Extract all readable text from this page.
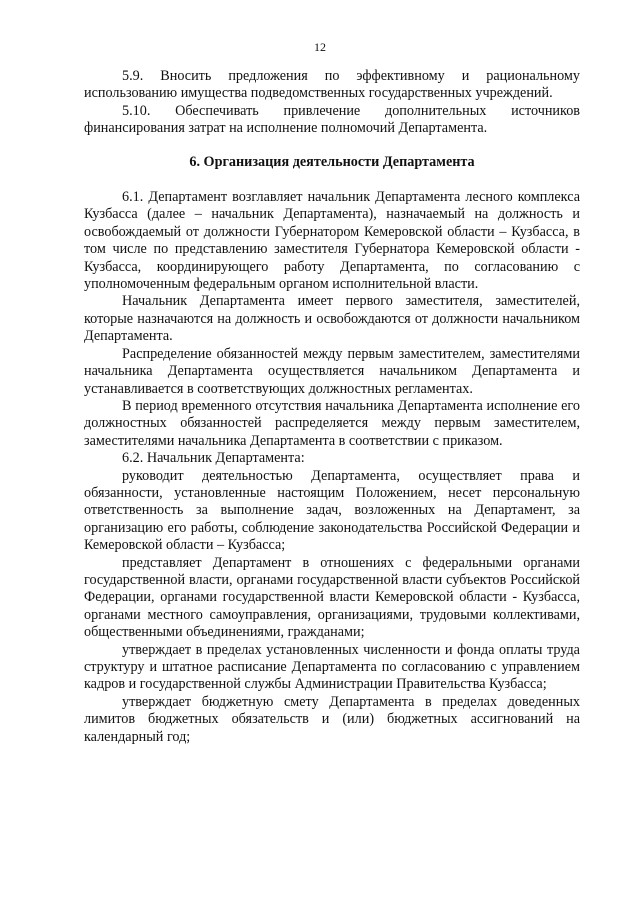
12

5.9. Вносить предложения по эффективному и рациональному использованию имущества подведомственных государственных учреждений.

5.10. Обеспечивать привлечение дополнительных источников финансирования затрат на исполнение полномочий Департамента.

6. Организация деятельности Департамента

6.1. Департамент возглавляет начальник Департамента лесного комплекса Кузбасса (далее – начальник Департамента), назначаемый на должность и освобождаемый от должности Губернатором Кемеровской области – Кузбасса, в том числе по представлению заместителя Губернатора Кемеровской области - Кузбасса, координирующего работу Департамента, по согласованию с уполномоченным федеральным органом исполнительной власти.

Начальник Департамента имеет первого заместителя, заместителей, которые назначаются на должность и освобождаются от должности начальником Департамента.

Распределение обязанностей между первым заместителем, заместителями начальника Департамента осуществляется начальником Департамента и устанавливается в соответствующих должностных регламентах.

В период временного отсутствия начальника Департамента исполнение его должностных обязанностей распределяется между первым заместителем, заместителями начальника Департамента в соответствии с приказом.

6.2. Начальник Департамента:

руководит деятельностью Департамента, осуществляет права и обязанности, установленные настоящим Положением, несет персональную ответственность за выполнение задач, возложенных на Департамент, за организацию его работы, соблюдение законодательства Российской Федерации и Кемеровской области – Кузбасса;

представляет Департамент в отношениях с федеральными органами государственной власти, органами государственной власти субъектов Российской Федерации, органами государственной власти Кемеровской области - Кузбасса, органами местного самоуправления, организациями, трудовыми коллективами, общественными объединениями, гражданами;

утверждает в пределах установленных численности и фонда оплаты труда структуру и штатное расписание Департамента по согласованию с управлением кадров и государственной службы Администрации Правительства Кузбасса;

утверждает бюджетную смету Департамента в пределах доведенных лимитов бюджетных обязательств и (или) бюджетных ассигнований на календарный год;
